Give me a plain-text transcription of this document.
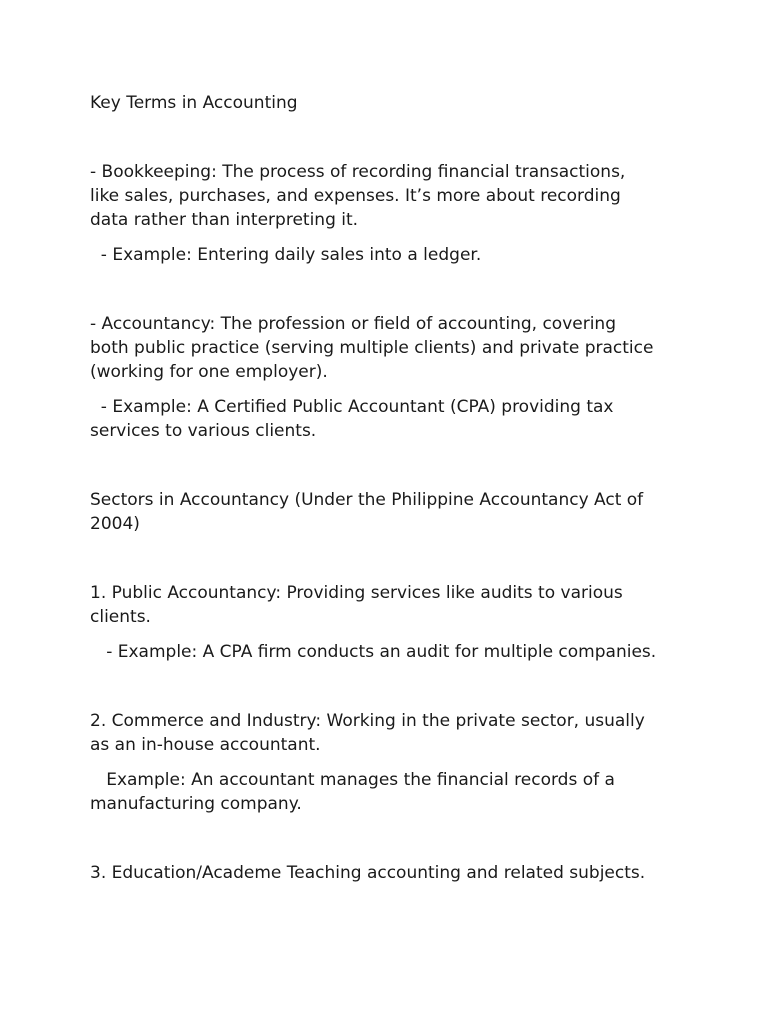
Key Terms in Accounting

- Bookkeeping: The process of recording financial transactions,

like sales, purchases, and expenses. It’s more about recording

data rather than interpreting it.

- Example: Entering daily sales into a ledger.

- Accountancy: The profession or field of accounting, covering

both public practice (serving multiple clients) and private practice

(working for one employer).

- Example: A Certified Public Accountant (CPA) providing tax

services to various clients.

Sectors in Accountancy (Under the Philippine Accountancy Act of

2004)

1. Public Accountancy: Providing services like audits to various

clients.

- Example: A CPA firm conducts an audit for multiple companies.

2. Commerce and Industry: Working in the private sector, usually

as an in-house accountant.

Example: An accountant manages the financial records of a

manufacturing company.

3. Education/Academe Teaching accounting and related subjects.
